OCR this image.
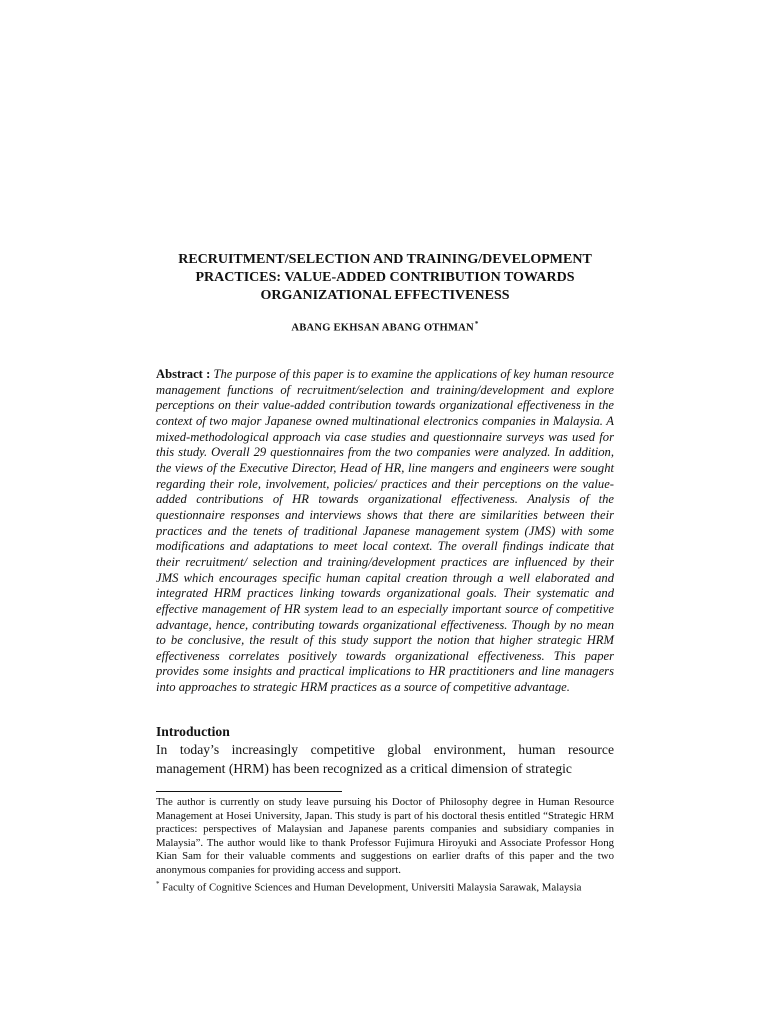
RECRUITMENT/SELECTION AND TRAINING/DEVELOPMENT
PRACTICES: VALUE-ADDED CONTRIBUTION TOWARDS
ORGANIZATIONAL EFFECTIVENESS
ABANG EKHSAN ABANG OTHMAN*
Abstract : The purpose of this paper is to examine the applications of key human resource management functions of recruitment/selection and training/development and explore perceptions on their value-added contribution towards organizational effectiveness in the context of two major Japanese owned multinational electronics companies in Malaysia. A mixed-methodological approach via case studies and questionnaire surveys was used for this study. Overall 29 questionnaires from the two companies were analyzed. In addition, the views of the Executive Director, Head of HR, line mangers and engineers were sought regarding their role, involvement, policies/ practices and their perceptions on the value-added contributions of HR towards organizational effectiveness. Analysis of the questionnaire responses and interviews shows that there are similarities between their practices and the tenets of traditional Japanese management system (JMS) with some modifications and adaptations to meet local context. The overall findings indicate that their recruitment/ selection and training/development practices are influenced by their JMS which encourages specific human capital creation through a well elaborated and integrated HRM practices linking towards organizational goals. Their systematic and effective management of HR system lead to an especially important source of competitive advantage, hence, contributing towards organizational effectiveness. Though by no mean to be conclusive, the result of this study support the notion that higher strategic HRM effectiveness correlates positively towards organizational effectiveness. This paper provides some insights and practical implications to HR practitioners and line managers into approaches to strategic HRM practices as a source of competitive advantage.
Introduction
In today’s increasingly competitive global environment, human resource management (HRM) has been recognized as a critical dimension of strategic

The author is currently on study leave pursuing his Doctor of Philosophy degree in Human Resource Management at Hosei University, Japan. This study is part of his doctoral thesis entitled “Strategic HRM practices: perspectives of Malaysian and Japanese parents companies and subsidiary companies in Malaysia”. The author would like to thank Professor Fujimura Hiroyuki and Associate Professor Hong Kian Sam for their valuable comments and suggestions on earlier drafts of this paper and the two anonymous companies for providing access and support.

* Faculty of Cognitive Sciences and Human Development, Universiti Malaysia Sarawak, Malaysia
